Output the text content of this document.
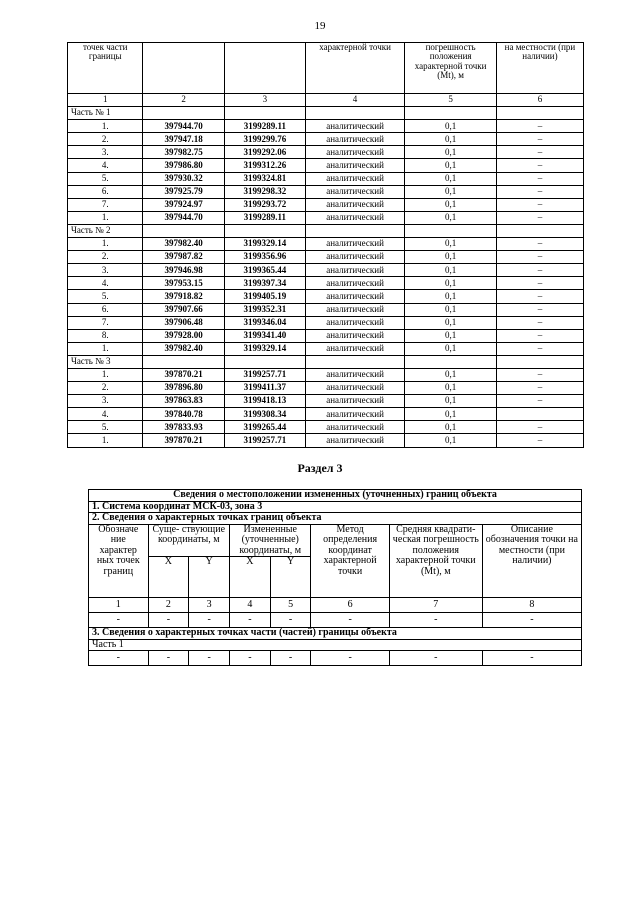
19
точек части границы			характерной точки	погрешность положения характерной точки (Mt), м	на местности (при наличии)
1	2	3	4	5	6
Часть № 1					
1.	397944.70	3199289.11	аналитический	0,1	–
2.	397947.18	3199299.76	аналитический	0,1	–
3.	397982.75	3199292.06	аналитический	0,1	–
4.	397986.80	3199312.26	аналитический	0,1	–
5.	397930.32	3199324.81	аналитический	0,1	–
6.	397925.79	3199298.32	аналитический	0,1	–
7.	397924.97	3199293.72	аналитический	0,1	–
1.	397944.70	3199289.11	аналитический	0,1	–
Часть № 2					
1.	397982.40	3199329.14	аналитический	0,1	–
2.	397987.82	3199356.96	аналитический	0,1	–
3.	397946.98	3199365.44	аналитический	0,1	–
4.	397953.15	3199397.34	аналитический	0,1	–
5.	397918.82	3199405.19	аналитический	0,1	–
6.	397907.66	3199352.31	аналитический	0,1	–
7.	397906.48	3199346.04	аналитический	0,1	–
8.	397928.00	3199341.40	аналитический	0,1	–
1.	397982.40	3199329.14	аналитический	0,1	–
Часть № 3					
1.	397870.21	3199257.71	аналитический	0,1	–
2.	397896.80	3199411.37	аналитический	0,1	–
3.	397863.83	3199418.13	аналитический	0,1	–
4.	397840.78	3199308.34	аналитический	0,1	
5.	397833.93	3199265.44	аналитический	0,1	–
1.	397870.21	3199257.71	аналитический	0,1	–
Раздел 3
Сведения о местоположении измененных (уточненных) границ объекта							
1. Система координат МСК-03, зона 3							
2. Сведения о характерных точках границ объекта							
Обозначе ние характер ных точек границ	Суще- ствующие координаты, м		Измененные (уточненные) координаты, м		Метод определения координат характерной точки	Средняя квадрати- ческая погрешность положения характерной точки (Mt), м	Описание обозначения точки на местности (при наличии)
	X	Y	X	Y			
1	2	3	4	5	6	7	8
-	-	-	-	-	-	-	-
3. Сведения о характерных точках части (частей) границы объекта							
Часть 1							
-	-	-	-	-	-	-	-
